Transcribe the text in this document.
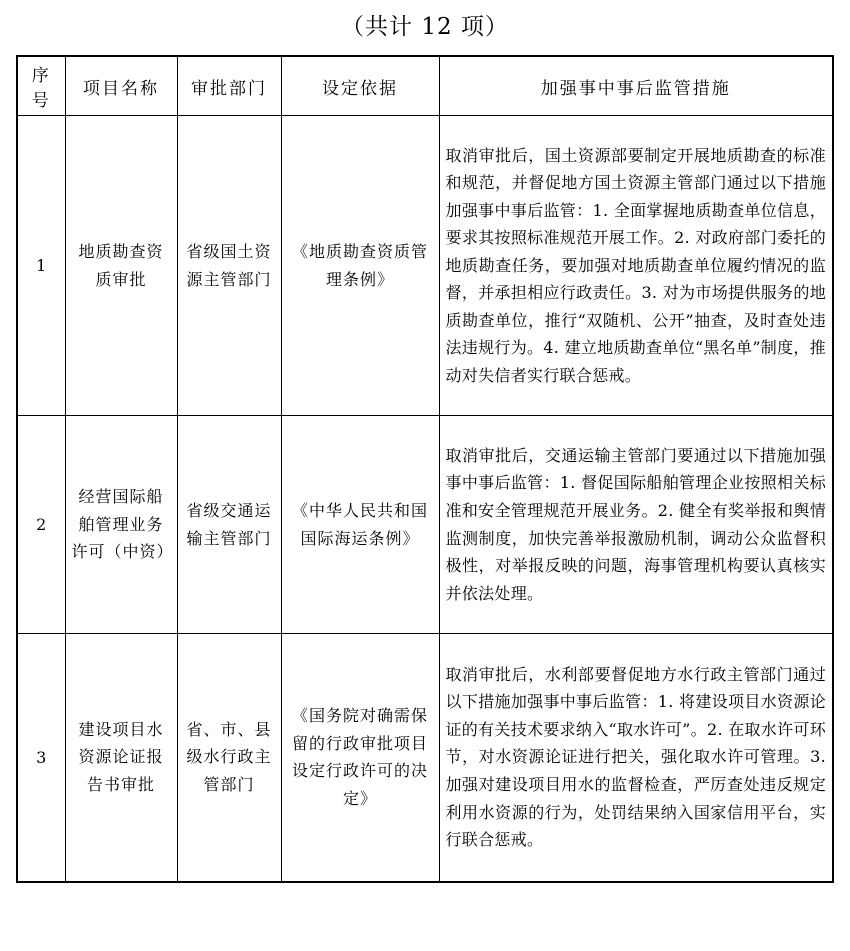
（共计 12 项）
序号	项目名称	审批部门	设定依据	加强事中事后监管措施
1	地质勘查资质审批	省级国土资源主管部门	《地质勘查资质管理条例》	取消审批后，国土资源部要制定开展地质勘查的标准和规范，并督促地方国土资源主管部门通过以下措施加强事中事后监管：1. 全面掌握地质勘查单位信息，要求其按照标准规范开展工作。2. 对政府部门委托的地质勘查任务，要加强对地质勘查单位履约情况的监督，并承担相应行政责任。3. 对为市场提供服务的地质勘查单位，推行“双随机、公开”抽查，及时查处违法违规行为。4. 建立地质勘查单位“黑名单”制度，推动对失信者实行联合惩戒。
2	经营国际船舶管理业务许可（中资）	省级交通运输主管部门	《中华人民共和国国际海运条例》	取消审批后，交通运输主管部门要通过以下措施加强事中事后监管：1. 督促国际船舶管理企业按照相关标准和安全管理规范开展业务。2. 健全有奖举报和舆情监测制度，加快完善举报激励机制，调动公众监督积极性，对举报反映的问题，海事管理机构要认真核实并依法处理。
3	建设项目水资源论证报告书审批	省、市、县级水行政主管部门	《国务院对确需保留的行政审批项目设定行政许可的决定》	取消审批后，水利部要督促地方水行政主管部门通过以下措施加强事中事后监管：1. 将建设项目水资源论证的有关技术要求纳入“取水许可”。2. 在取水许可环节，对水资源论证进行把关，强化取水许可管理。3. 加强对建设项目用水的监督检查，严厉查处违反规定利用水资源的行为，处罚结果纳入国家信用平台，实行联合惩戒。
